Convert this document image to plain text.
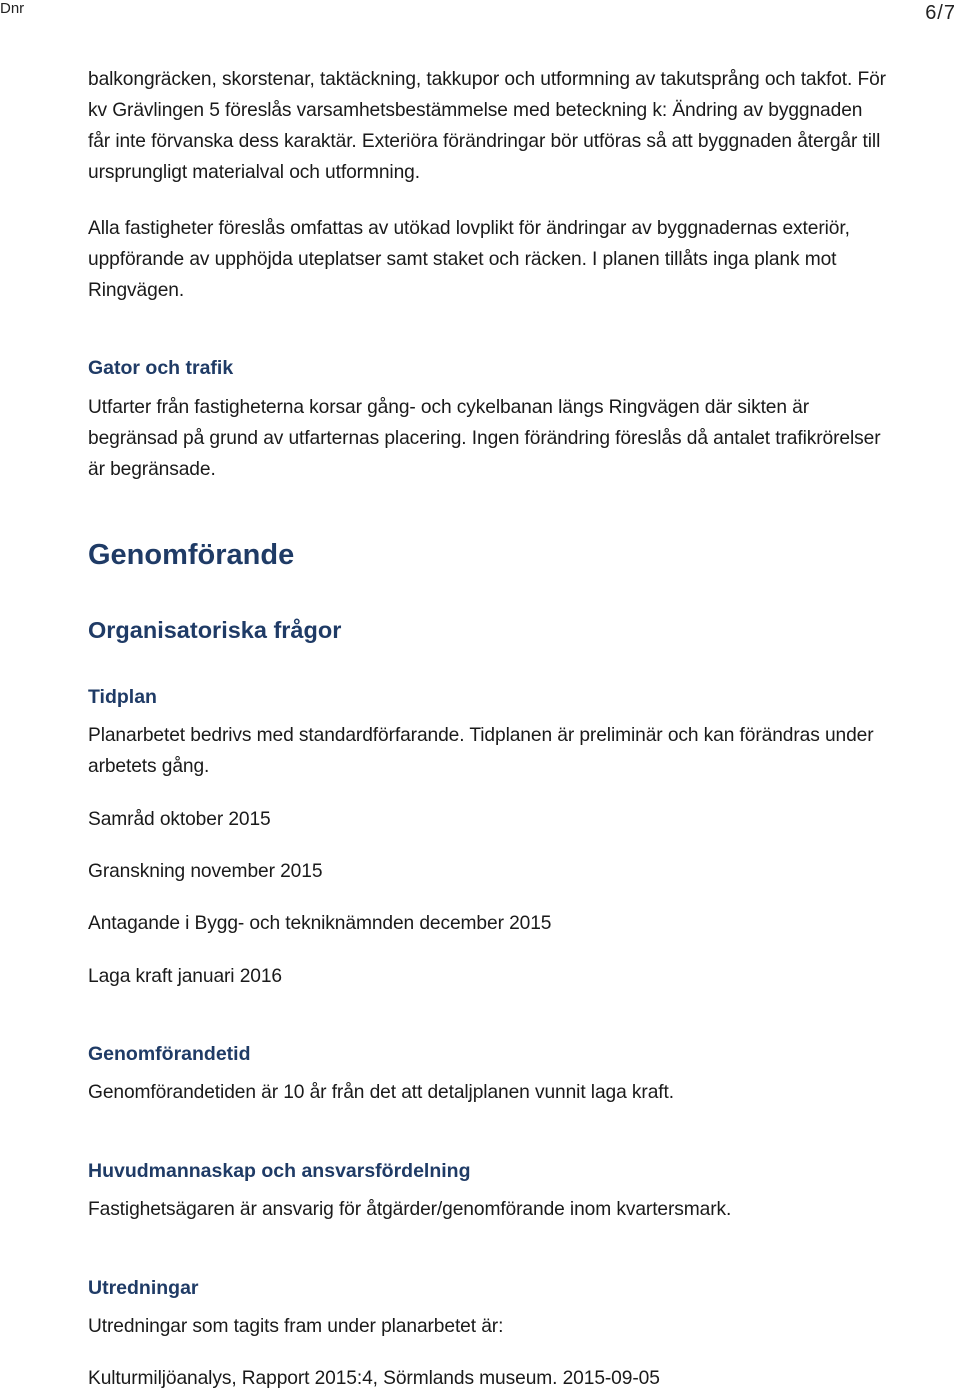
Dnr	6/7

balkongräcken, skorstenar, taktäckning, takkupor och utformning av takutsprång och takfot. För kv Grävlingen 5 föreslås varsamhetsbestämmelse med beteckning k: Ändring av byggnaden får inte förvanska dess karaktär. Exteriöra förändringar bör utföras så att byggnaden återgår till ursprungligt materialval och utformning.

Alla fastigheter föreslås omfattas av utökad lovplikt för ändringar av byggnadernas exteriör, uppförande av upphöjda uteplatser samt staket och räcken. I planen tillåts inga plank mot Ringvägen.

Gator och trafik

Utfarter från fastigheterna korsar gång- och cykelbanan längs Ringvägen där sikten är begränsad på grund av utfarternas placering. Ingen förändring föreslås då antalet trafikrörelser är begränsade.

Genomförande
Organisatoriska frågor
Tidplan

Planarbetet bedrivs med standardförfarande. Tidplanen är preliminär och kan förändras under arbetets gång.

Samråd oktober 2015

Granskning november 2015

Antagande i Bygg- och tekniknämnden december 2015

Laga kraft januari 2016

Genomförandetid

Genomförandetiden är 10 år från det att detaljplanen vunnit laga kraft.

Huvudmannaskap och ansvarsfördelning

Fastighetsägaren är ansvarig för åtgärder/genomförande inom kvartersmark.

Utredningar

Utredningar som tagits fram under planarbetet är:

Kulturmiljöanalys, Rapport 2015:4, Sörmlands museum. 2015-09-05
